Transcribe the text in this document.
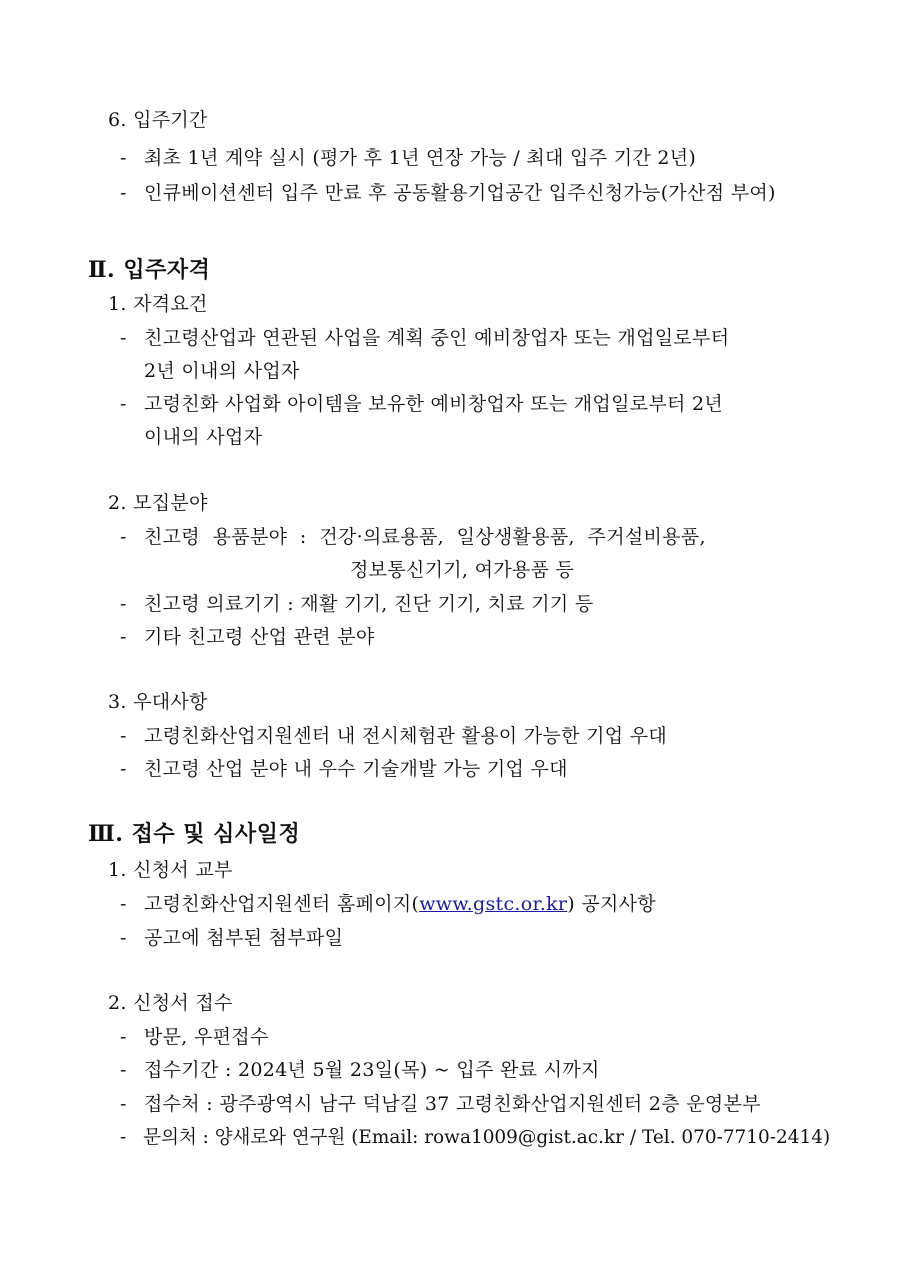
6. 입주기간
- 최초 1년 계약 실시 (평가 후 1년 연장 가능 / 최대 입주 기간 2년)
- 인큐베이션센터 입주 만료 후 공동활용기업공간 입주신청가능(가산점 부여)
Ⅱ. 입주자격
1. 자격요건
- 친고령산업과 연관된 사업을 계획 중인 예비창업자 또는 개업일로부터
2년 이내의 사업자
- 고령친화 사업화 아이템을 보유한 예비창업자 또는 개업일로부터 2년
이내의 사업자
2. 모집분야
- 친고령  용품분야  :  건강·의료용품,  일상생활용품,  주거설비용품,
정보통신기기, 여가용품 등
- 친고령 의료기기 : 재활 기기, 진단 기기, 치료 기기 등
- 기타 친고령 산업 관련 분야
3. 우대사항
- 고령친화산업지원센터 내 전시체험관 활용이 가능한 기업 우대
- 친고령 산업 분야 내 우수 기술개발 가능 기업 우대
Ⅲ. 접수 및 심사일정
1. 신청서 교부
- 고령친화산업지원센터 홈페이지(www.gstc.or.kr) 공지사항
- 공고에 첨부된 첨부파일
2. 신청서 접수
- 방문, 우편접수
- 접수기간 : 2024년 5월 23일(목) ~ 입주 완료 시까지
- 접수처 : 광주광역시 남구 덕남길 37 고령친화산업지원센터 2층 운영본부
- 문의처 : 양새로와 연구원 (Email: rowa1009@gist.ac.kr / Tel. 070-7710-2414)
